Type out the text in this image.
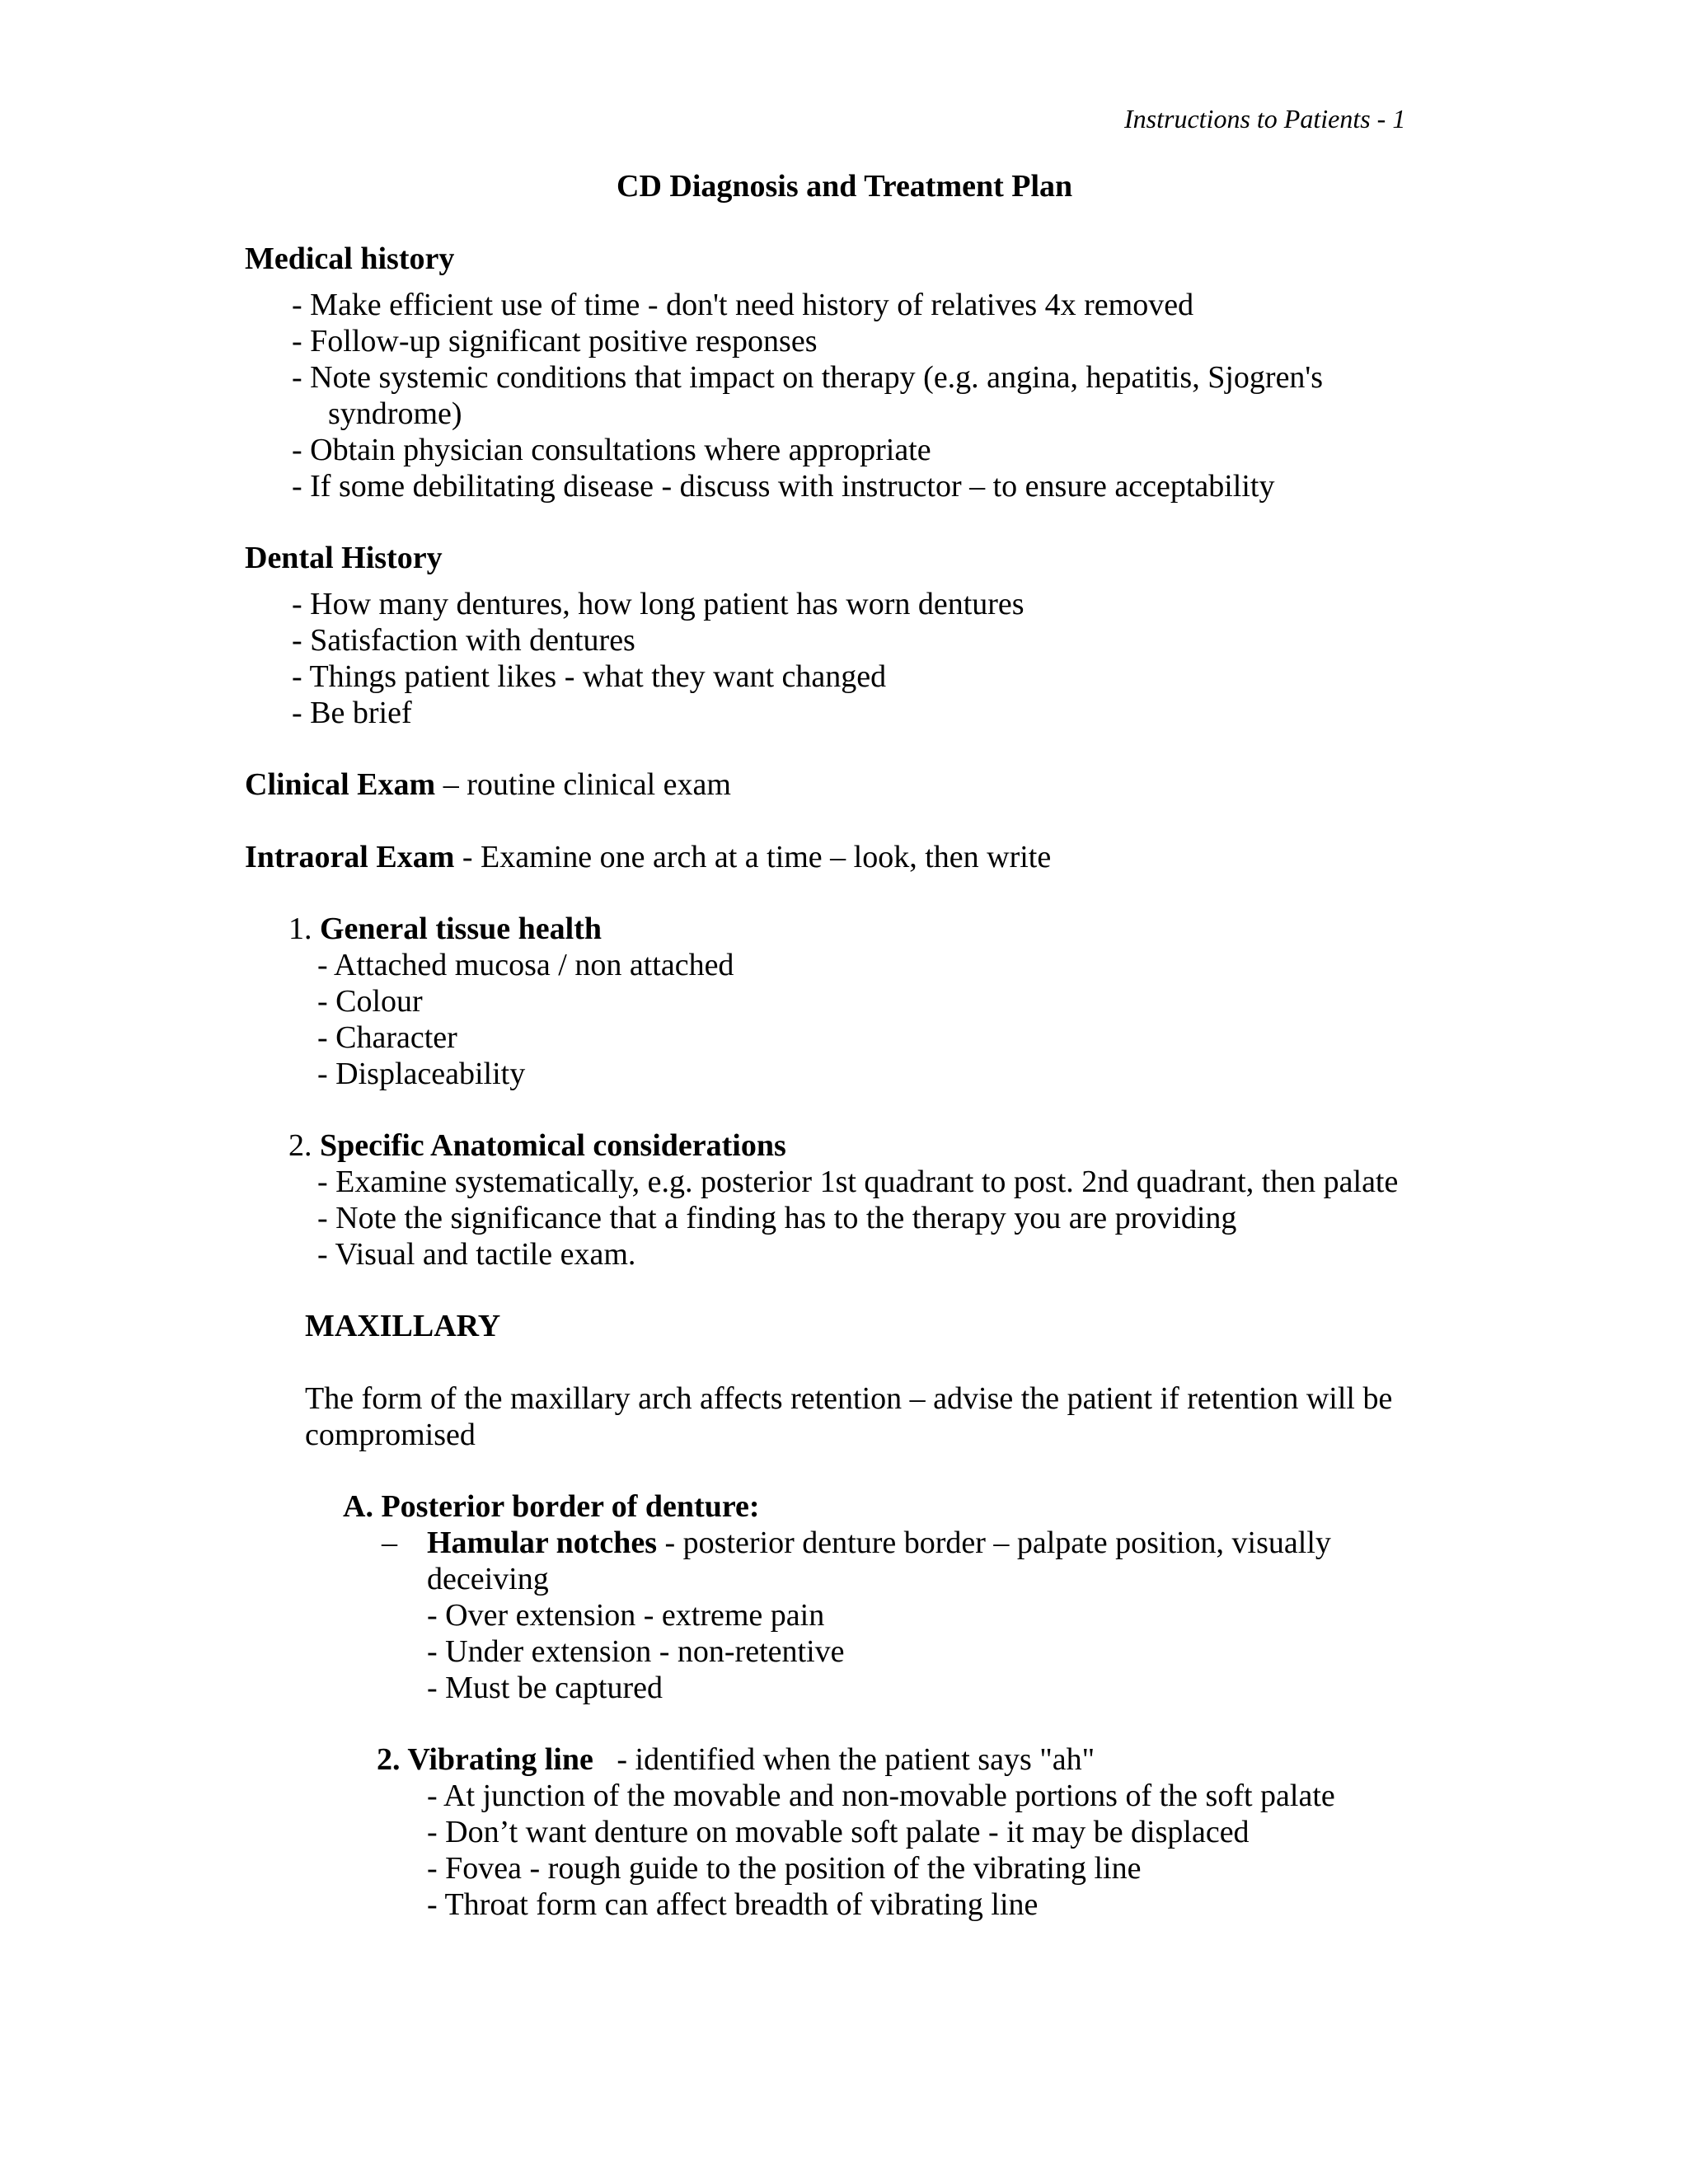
Instructions to Patients - 1
CD Diagnosis and Treatment Plan
Medical history
- Make efficient use of time - don't need history of relatives 4x removed
- Follow-up significant positive responses
- Note systemic conditions that impact on therapy (e.g. angina, hepatitis, Sjogren's
syndrome)
- Obtain physician consultations where appropriate
- If some debilitating disease - discuss with instructor – to ensure acceptability
Dental History
- How many dentures, how long patient has worn dentures
- Satisfaction with dentures
- Things patient likes - what they want changed
- Be brief
Clinical Exam – routine clinical exam
Intraoral Exam - Examine one arch at a time – look, then write
1. General tissue health
- Attached mucosa / non attached
- Colour
- Character
- Displaceability
2. Specific Anatomical considerations
- Examine systematically, e.g. posterior 1st quadrant to post. 2nd quadrant, then palate
- Note the significance that a finding has to the therapy you are providing
- Visual and tactile exam.
MAXILLARY
The form of the maxillary arch affects retention – advise the patient if retention will be
compromised
A. Posterior border of denture:
– Hamular notches - posterior denture border – palpate position, visually
deceiving
- Over extension - extreme pain
- Under extension - non-retentive
- Must be captured
2. Vibrating line   - identified when the patient says "ah"
- At junction of the movable and non-movable portions of the soft palate
- Don’t want denture on movable soft palate - it may be displaced
- Fovea - rough guide to the position of the vibrating line
- Throat form can affect breadth of vibrating line
